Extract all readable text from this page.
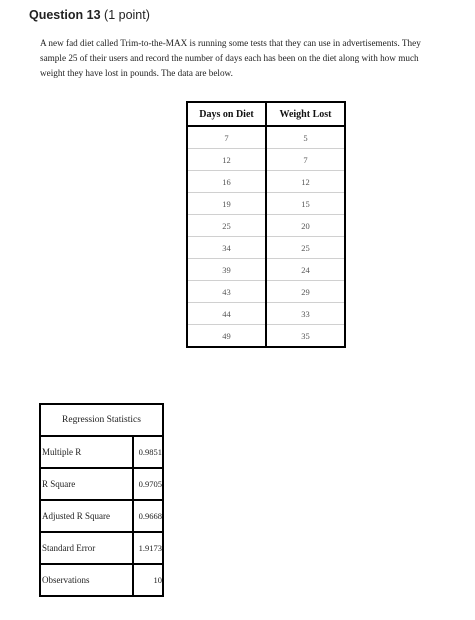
Question 13 (1 point)
A new fad diet called Trim-to-the-MAX is running some tests that they can use in advertisements. They
sample 25 of their users and record the number of days each has been on the diet along with how much
weight they have lost in pounds. The data are below.
Days on Diet	Weight Lost
7	5
12	7
16	12
19	15
25	20
34	25
39	24
43	29
44	33
49	35
Regression Statistics	
Multiple R	0.9851
R Square	0.9705
Adjusted R Square	0.9668
Standard Error	1.9173
Observations	10
